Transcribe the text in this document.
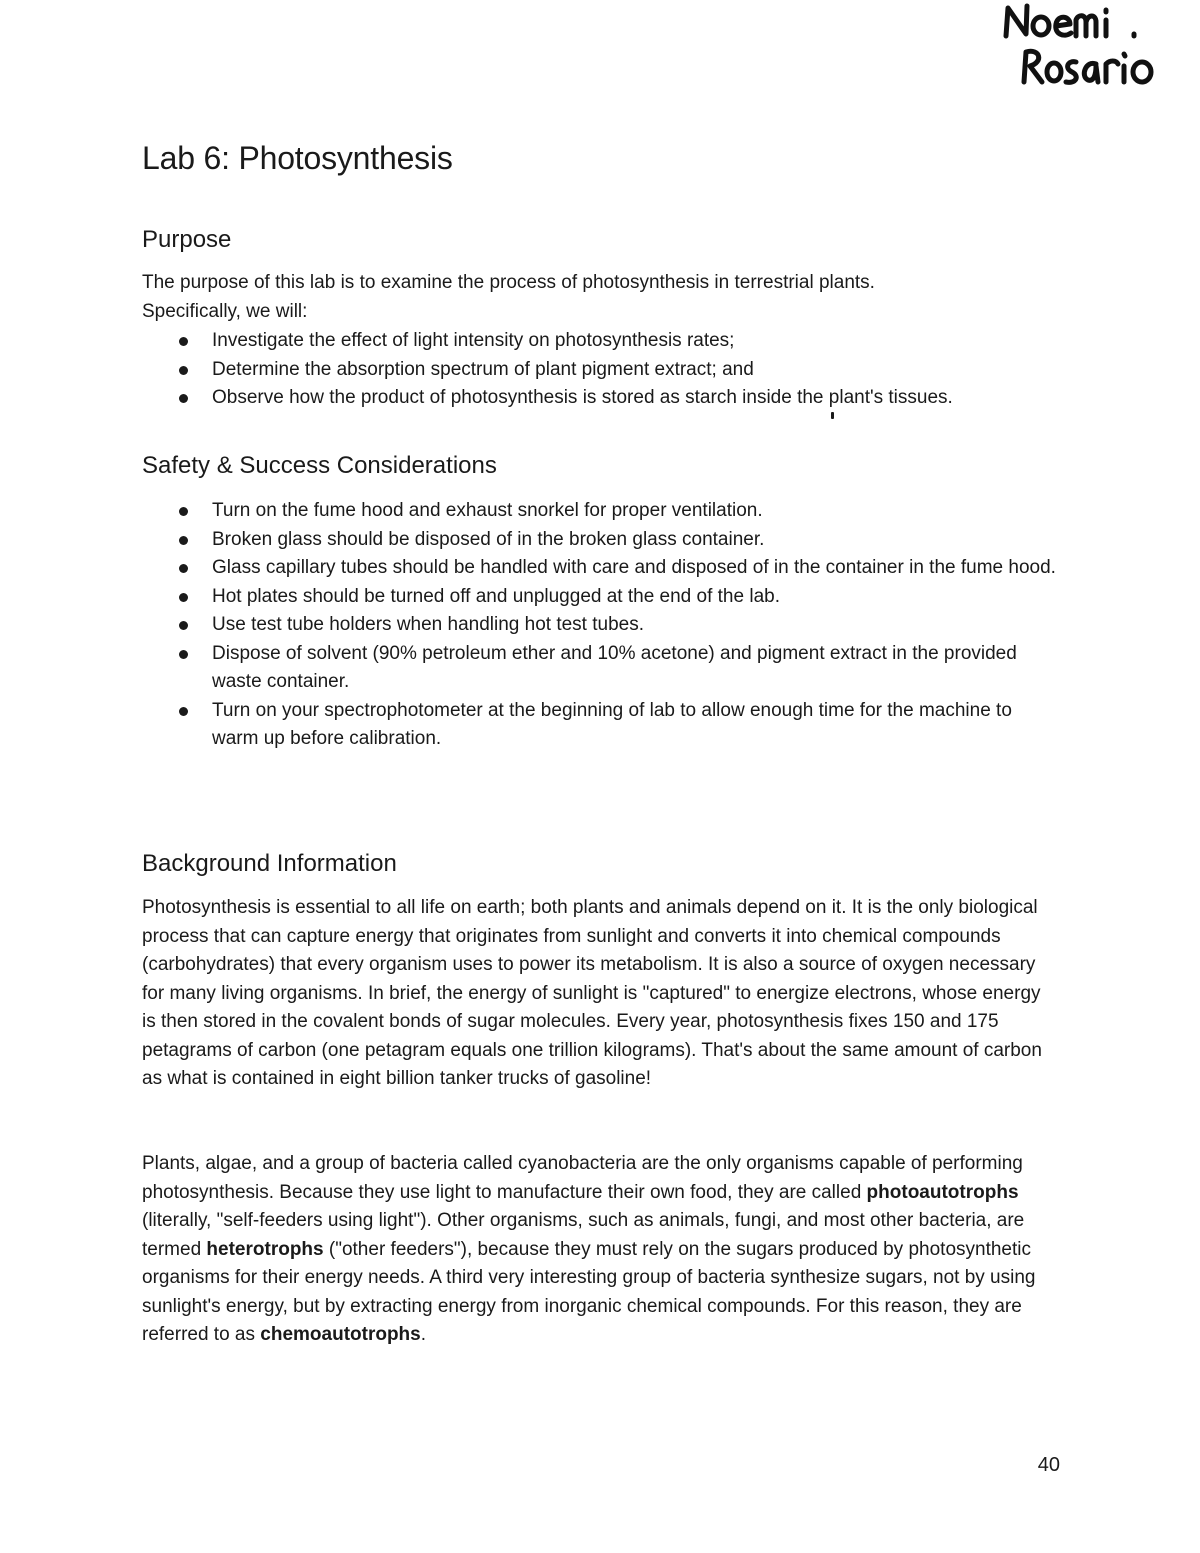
Lab 6: Photosynthesis
Purpose

The purpose of this lab is to examine the process of photosynthesis in terrestrial plants.
Specifically, we will:

Investigate the effect of light intensity on photosynthesis rates;
Determine the absorption spectrum of plant pigment extract; and
Observe how the product of photosynthesis is stored as starch inside the plant's tissues.
Safety & Success Considerations
Turn on the fume hood and exhaust snorkel for proper ventilation.
Broken glass should be disposed of in the broken glass container.
Glass capillary tubes should be handled with care and disposed of in the container in the fume hood.
Hot plates should be turned off and unplugged at the end of the lab.
Use test tube holders when handling hot test tubes.
Dispose of solvent (90% petroleum ether and 10% acetone) and pigment extract in the provided waste container.
Turn on your spectrophotometer at the beginning of lab to allow enough time for the machine to warm up before calibration.
Background Information

Photosynthesis is essential to all life on earth; both plants and animals depend on it. It is the only biological process that can capture energy that originates from sunlight and converts it into chemical compounds (carbohydrates) that every organism uses to power its metabolism. It is also a source of oxygen necessary for many living organisms. In brief, the energy of sunlight is "captured" to energize electrons, whose energy is then stored in the covalent bonds of sugar molecules. Every year, photosynthesis fixes 150 and 175 petagrams of carbon (one petagram equals one trillion kilograms). That's about the same amount of carbon as what is contained in eight billion tanker trucks of gasoline!

Plants, algae, and a group of bacteria called cyanobacteria are the only organisms capable of performing photosynthesis. Because they use light to manufacture their own food, they are called photoautotrophs (literally, "self-feeders using light"). Other organisms, such as animals, fungi, and most other bacteria, are termed heterotrophs ("other feeders"), because they must rely on the sugars produced by photosynthetic organisms for their energy needs. A third very interesting group of bacteria synthesize sugars, not by using sunlight's energy, but by extracting energy from inorganic chemical compounds. For this reason, they are referred to as chemoautotrophs.

40
